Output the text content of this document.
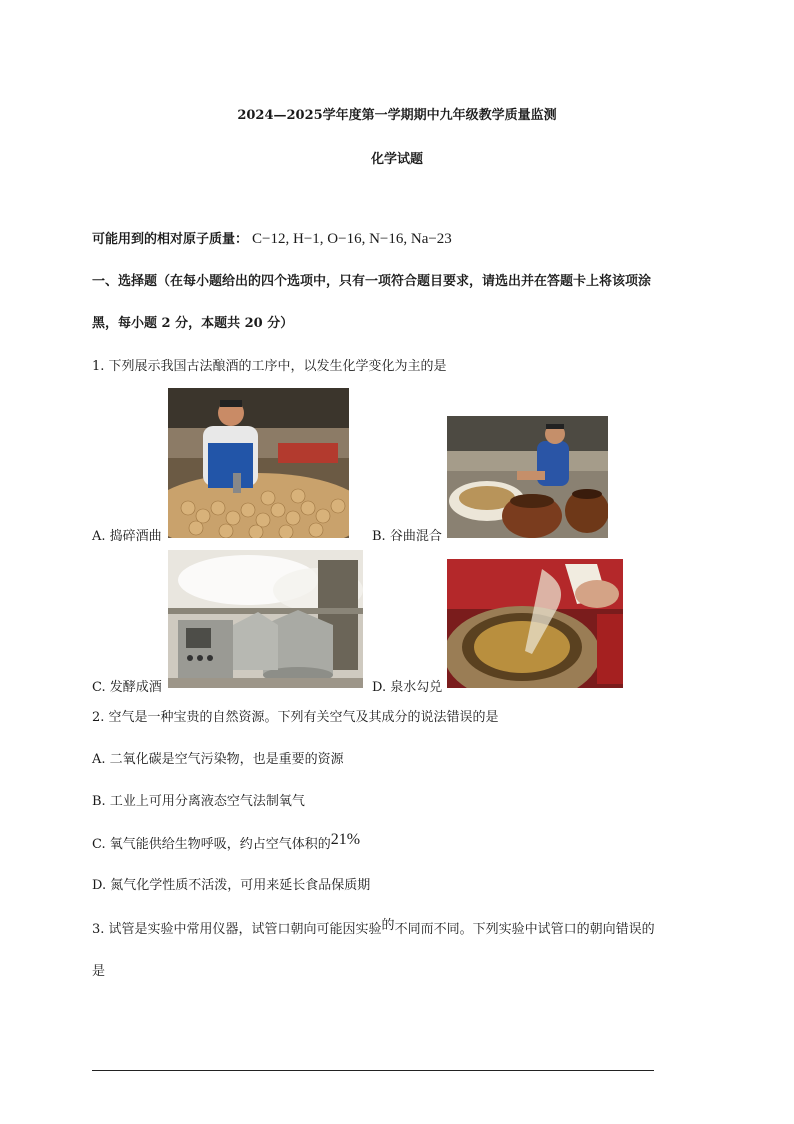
2024—2025学年度第一学期期中九年级教学质量监测
化学试题
可能用到的相对原子质量： C−12, H−1, O−16, N−16, Na−23
一、选择题（在每小题给出的四个选项中，只有一项符合题目要求，请选出并在答题卡上将该项涂
黑，每小题 2 分，本题共 20 分）
1. 下列展示我国古法酿酒的工序中，以发生化学变化为主的是
A. 捣碎酒曲	B. 谷曲混合
C. 发酵成酒	D. 泉水勾兑
2. 空气是一种宝贵的自然资源。下列有关空气及其成分的说法错误的是
A. 二氧化碳是空气污染物，也是重要的资源
B. 工业上可用分离液态空气法制氧气
C. 氧气能供给生物呼吸，约占空气体积的21%
D. 氮气化学性质不活泼，可用来延长食品保质期
3. 试管是实验中常用仪器，试管口朝向可能因实验的不同而不同。下列实验中试管口的朝向错误的
是
